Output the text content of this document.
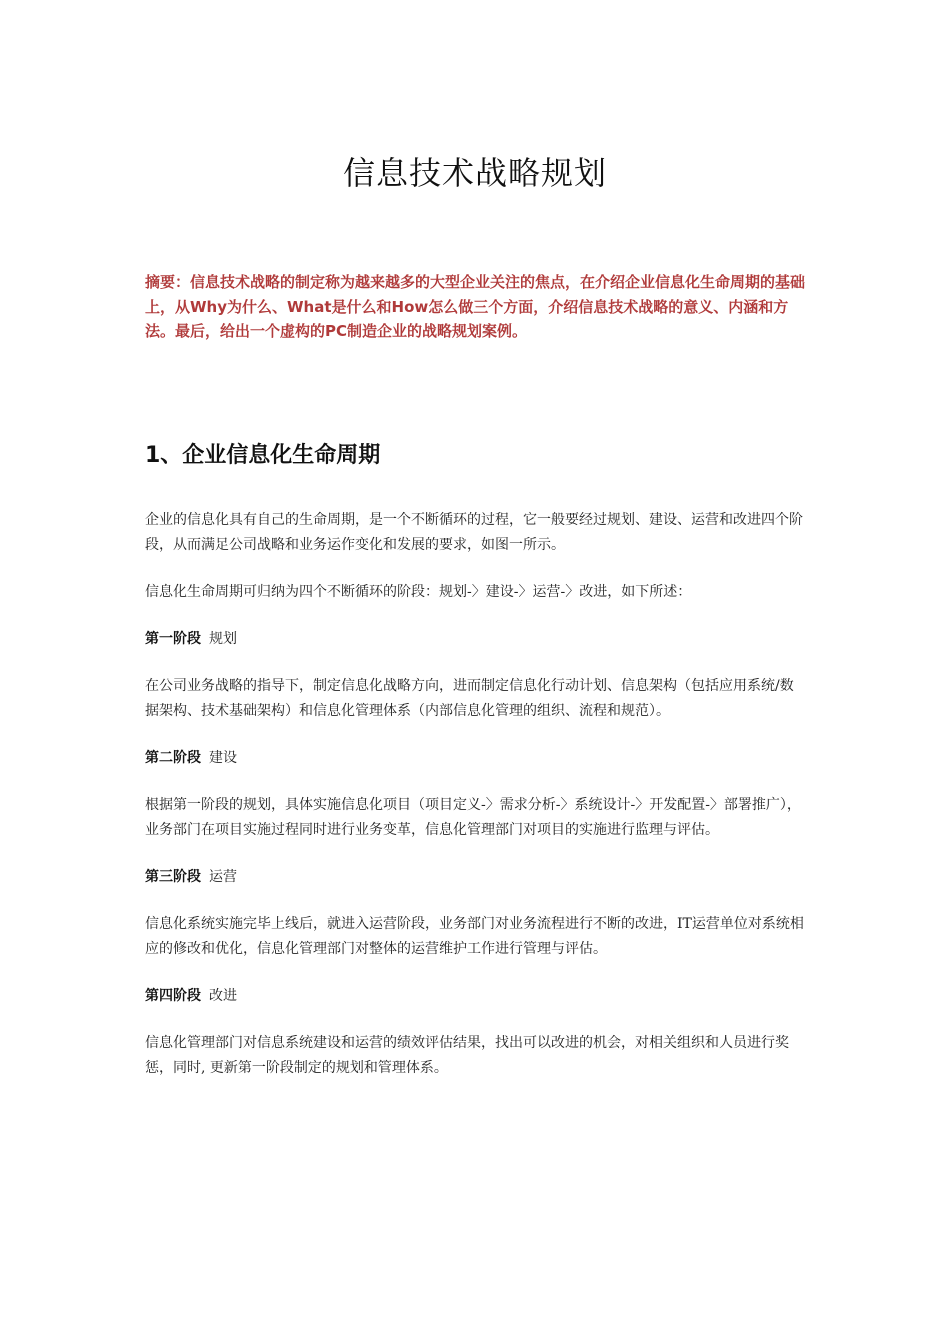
信息技术战略规划
摘要：信息技术战略的制定称为越来越多的大型企业关注的焦点，在介绍企业信息化生命周期的基础上，从Why为什么、What是什么和How怎么做三个方面，介绍信息技术战略的意义、内涵和方法。最后，给出一个虚构的PC制造企业的战略规划案例。
1、企业信息化生命周期

企业的信息化具有自己的生命周期，是一个不断循环的过程，它一般要经过规划、建设、运营和改进四个阶段，从而满足公司战略和业务运作变化和发展的要求，如图一所示。

信息化生命周期可归纳为四个不断循环的阶段：规划-〉建设-〉运营-〉改进，如下所述：

第一阶段 规划

在公司业务战略的指导下，制定信息化战略方向，进而制定信息化行动计划、信息架构（包括应用系统/数据架构、技术基础架构）和信息化管理体系（内部信息化管理的组织、流程和规范）。

第二阶段 建设

根据第一阶段的规划，具体实施信息化项目（项目定义-〉需求分析-〉系统设计-〉开发配置-〉部署推广），业务部门在项目实施过程同时进行业务变革，信息化管理部门对项目的实施进行监理与评估。

第三阶段 运营

信息化系统实施完毕上线后，就进入运营阶段，业务部门对业务流程进行不断的改进，IT运营单位对系统相应的修改和优化，信息化管理部门对整体的运营维护工作进行管理与评估。

第四阶段 改进

信息化管理部门对信息系统建设和运营的绩效评估结果，找出可以改进的机会，对相关组织和人员进行奖惩，同时, 更新第一阶段制定的规划和管理体系。
